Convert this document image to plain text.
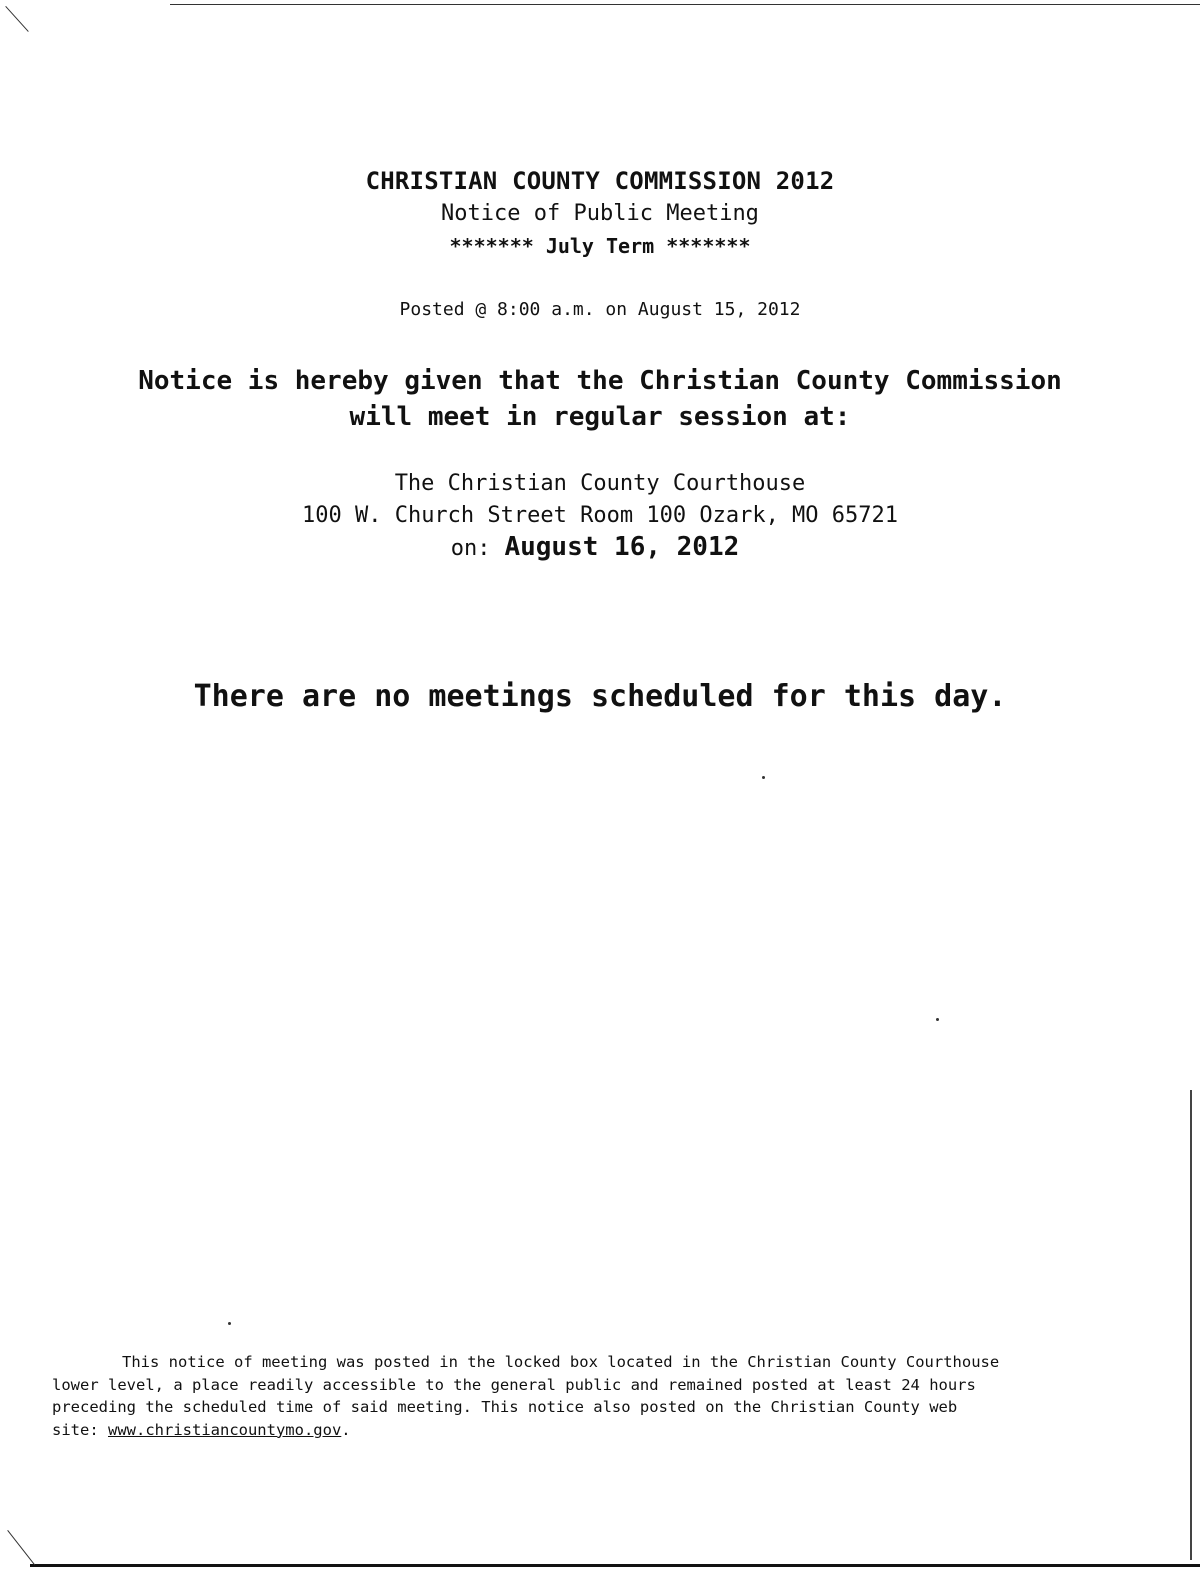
CHRISTIAN COUNTY COMMISSION 2012
Notice of Public Meeting
******* July Term *******
Posted @ 8:00 a.m. on August 15, 2012
Notice is hereby given that the Christian County Commission
will meet in regular session at:
The Christian County Courthouse
100 W. Church Street Room 100 Ozark, MO 65721
on: August 16, 2012
There are no meetings scheduled for this day.
This notice of meeting was posted in the locked box located in the Christian County Courthouse
lower level, a place readily accessible to the general public and remained posted at least 24 hours
preceding the scheduled time of said meeting. This notice also posted on the Christian County web
site: www.christiancountymo.gov.
